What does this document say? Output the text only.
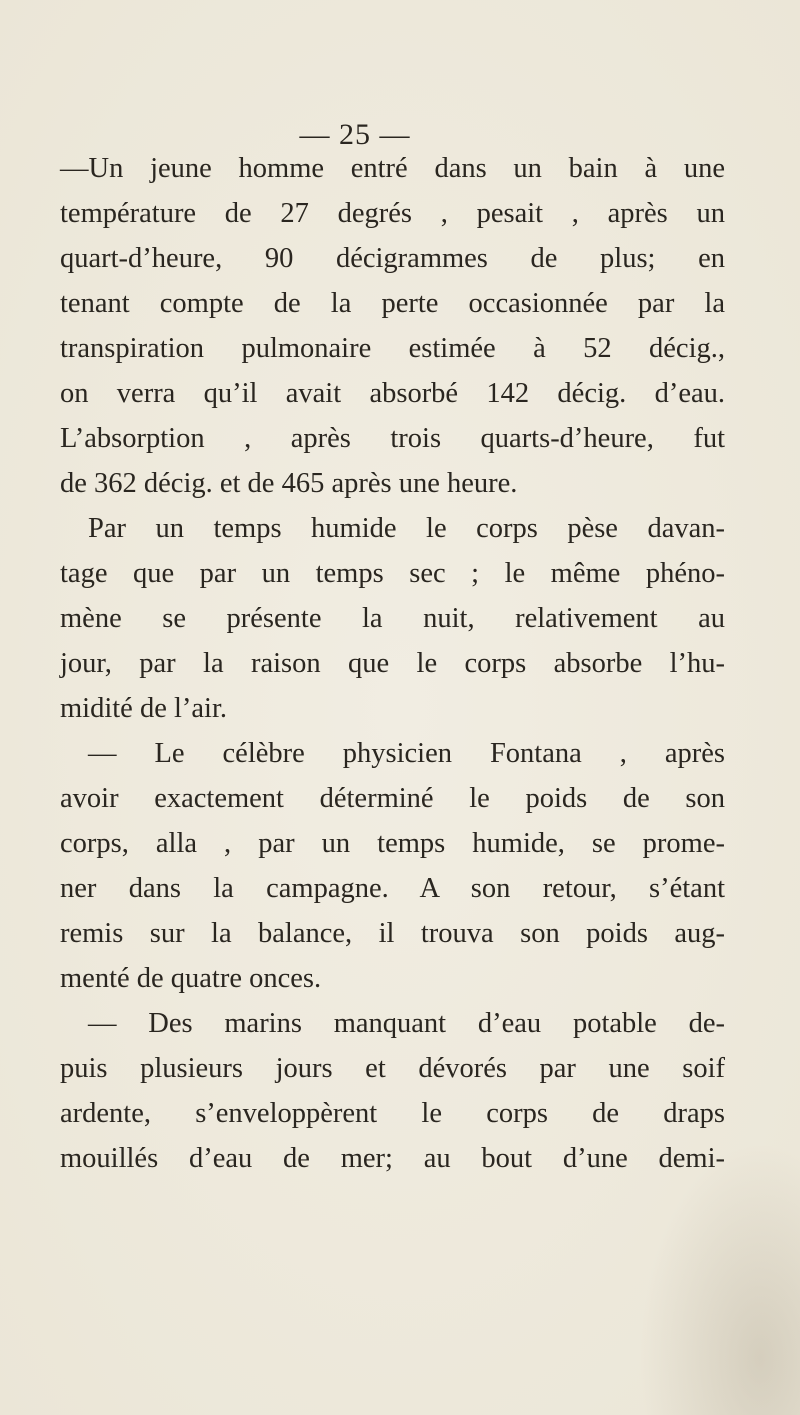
— 25 —
—Un jeune homme entré dans un bain à une
température de 27 degrés , pesait , après un
quart-d’heure, 90 décigrammes de plus; en
tenant compte de la perte occasionnée par la
transpiration pulmonaire estimée à 52 décig.,
on verra qu’il avait absorbé 142 décig. d’eau.
L’absorption , après trois quarts-d’heure, fut
de 362 décig. et de 465 après une heure.
Par un temps humide le corps pèse davan-
tage que par un temps sec ; le même phéno-
mène se présente la nuit, relativement au
jour, par la raison que le corps absorbe l’hu-
midité de l’air.
— Le célèbre physicien Fontana , après
avoir exactement déterminé le poids de son
corps, alla , par un temps humide, se prome-
ner dans la campagne. A son retour, s’étant
remis sur la balance, il trouva son poids aug-
menté de quatre onces.
— Des marins manquant d’eau potable de-
puis plusieurs jours et dévorés par une soif
ardente, s’enveloppèrent le corps de draps
mouillés d’eau de mer; au bout d’une demi-
